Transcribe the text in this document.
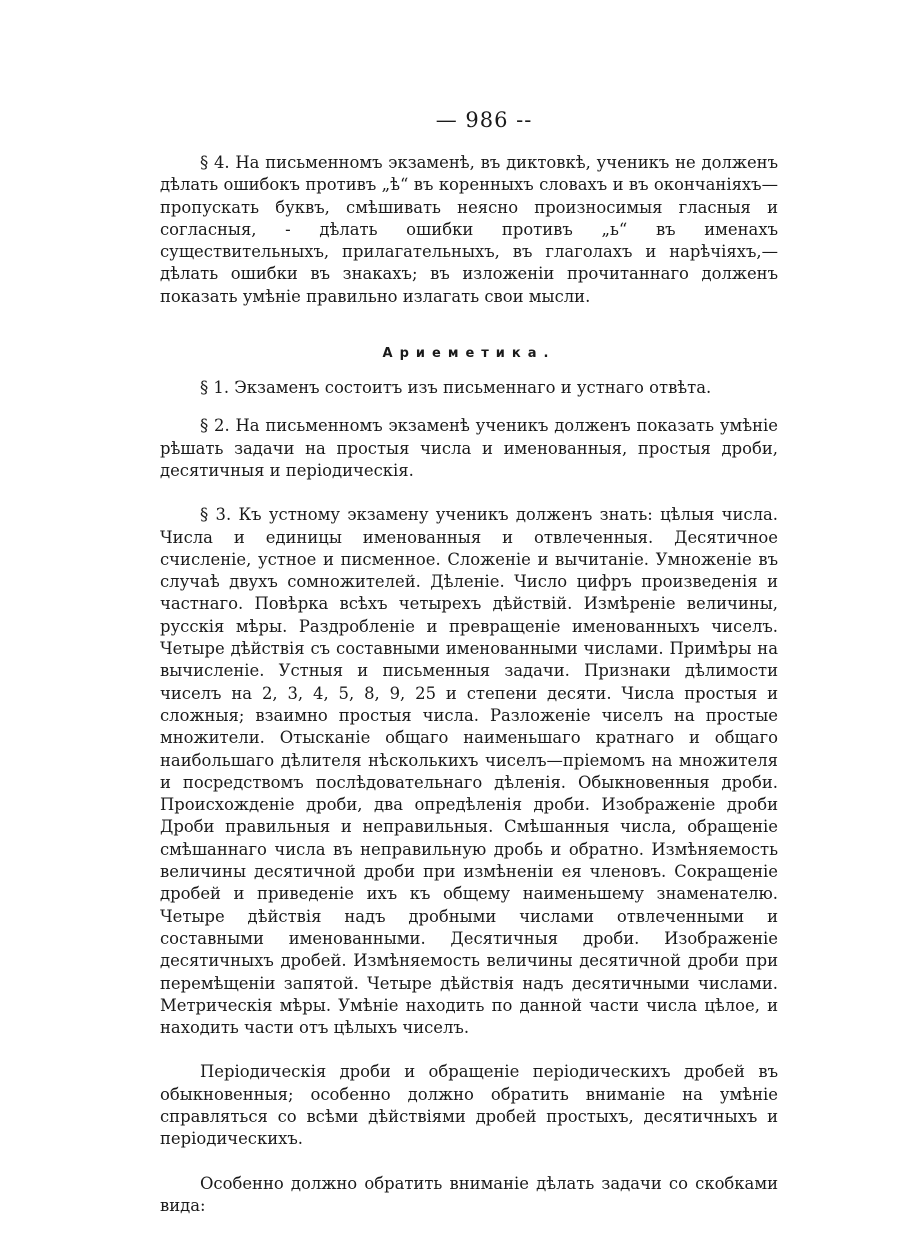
— 986 --

§ 4. На письменномъ экзаменѣ, въ диктовкѣ, ученикъ не долженъ дѣлать ошибокъ противъ „ѣ“ въ коренныхъ словахъ и въ окончаніяхъ—пропускать буквъ, смѣшивать неясно произносимыя гласныя и согласныя, - дѣлать ошибки противъ „ь“ въ именахъ существительныхъ, прилагательныхъ, въ глаголахъ и нарѣчіяхъ,—дѣлать ошибки въ знакахъ; въ изложеніи прочитаннаго долженъ показать умѣніе правильно излагать свои мысли.

Ариеметика.

§ 1. Экзаменъ состоитъ изъ письменнаго и устнаго отвѣта.

§ 2. На письменномъ экзаменѣ ученикъ долженъ показать умѣніе рѣшать задачи на простыя числа и именованныя, простыя дроби, десятичныя и періодическія.

§ 3. Къ устному экзамену ученикъ долженъ знать: цѣлыя числа. Числа и единицы именованныя и отвлеченныя. Десятичное счисленіе, устное и писменное. Сложеніе и вычитаніе. Умноженіе въ случаѣ двухъ сомножителей. Дѣленіе. Число цифръ произведенія и частнаго. Повѣрка всѣхъ четырехъ дѣйствій. Измѣреніе величины, русскія мѣры. Раздробленіе и превращеніе именованныхъ чиселъ. Четыре дѣйствія съ составными именованными числами. Примѣры на вычисленіе. Устныя и письменныя задачи. Признаки дѣлимости чиселъ на 2, 3, 4, 5, 8, 9, 25 и степени десяти. Числа простыя и сложныя; взаимно простыя числа. Разложеніе чиселъ на простые множители. Отысканіе общаго наименьшаго кратнаго и общаго наибольшаго дѣлителя нѣсколькихъ чиселъ—пріемомъ на множителя и посредствомъ послѣдовательнаго дѣленія. Обыкновенныя дроби. Происхожденіе дроби, два опредѣленія дроби. Изображеніе дроби Дроби правильныя и неправильныя. Смѣшанныя числа, обращеніе смѣшаннаго числа въ неправильную дробь и обратно. Измѣняемость величины десятичной дроби при измѣненіи ея членовъ. Сокращеніе дробей и приведеніе ихъ къ общему наименьшему знаменателю. Четыре дѣйствія надъ дробными числами отвлеченными и составными именованными. Десятичныя дроби. Изображеніе десятичныхъ дробей. Измѣняемость величины десятичной дроби при перемѣщеніи запятой. Четыре дѣйствія надъ десятичными числами. Метрическія мѣры. Умѣніе находить по данной части числа цѣлое, и находить части отъ цѣлыхъ чиселъ.

Періодическія дроби и обращеніе періодическихъ дробей въ обыкновенныя; особенно должно обратить вниманіе на умѣніе справляться со всѣми дѣйствіями дробей простыхъ, десятичныхъ и періодическихъ.

Особенно должно обратить вниманіе дѣлать задачи со скобками вида:
